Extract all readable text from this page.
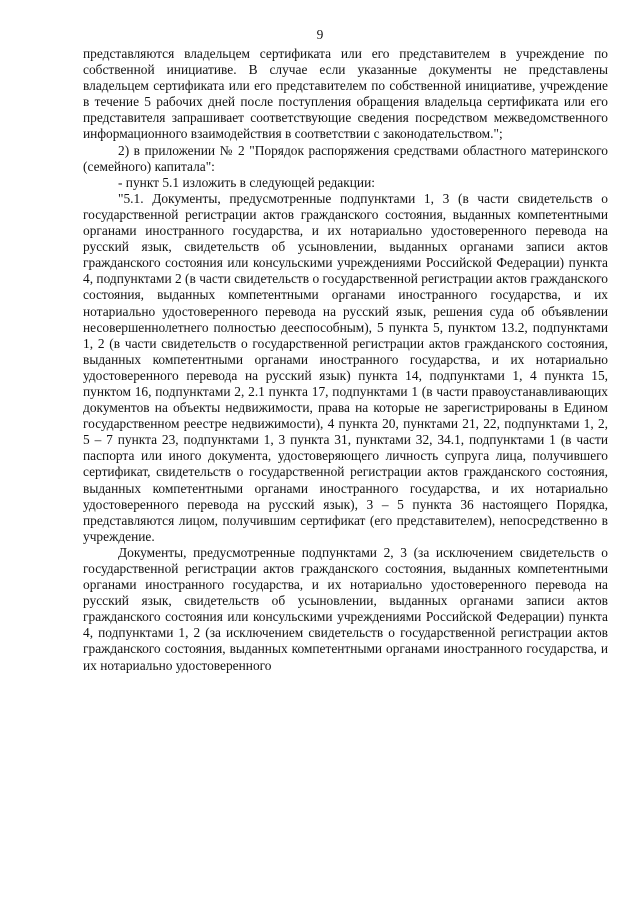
9

представляются владельцем сертификата или его представителем в учреждение по собственной инициативе. В случае если указанные документы не представлены владельцем сертификата или его представителем по собственной инициативе, учреждение в течение 5 рабочих дней после поступления обращения владельца сертификата или его представителя запрашивает соответствующие сведения посредством межведомственного информационного взаимодействия в соответствии с законодательством.";

2) в приложении № 2 "Порядок распоряжения средствами областного материнского (семейного) капитала":

- пункт 5.1 изложить в следующей редакции:

"5.1. Документы, предусмотренные подпунктами 1, 3 (в части свидетельств о государственной регистрации актов гражданского состояния, выданных компетентными органами иностранного государства, и их нотариально удостоверенного перевода на русский язык, свидетельств об усыновлении, выданных органами записи актов гражданского состояния или консульскими учреждениями Российской Федерации) пункта 4, подпунктами 2 (в части свидетельств о государственной регистрации актов гражданского состояния, выданных компетентными органами иностранного государства, и их нотариально удостоверенного перевода на русский язык, решения суда об объявлении несовершеннолетнего полностью дееспособным), 5 пункта 5, пунктом 13.2, подпунктами 1, 2 (в части свидетельств о государственной регистрации актов гражданского состояния, выданных компетентными органами иностранного государства, и их нотариально удостоверенного перевода на русский язык) пункта 14, подпунктами 1, 4 пункта 15, пунктом 16, подпунктами 2, 2.1 пункта 17, подпунктами 1 (в части правоустанавливающих документов на объекты недвижимости, права на которые не зарегистрированы в Едином государственном реестре недвижимости), 4 пункта 20, пунктами 21, 22, подпунктами 1, 2, 5 – 7 пункта 23, подпунктами 1, 3 пункта 31, пунктами 32, 34.1, подпунктами 1 (в части паспорта или иного документа, удостоверяющего личность супруга лица, получившего сертификат, свидетельств о государственной регистрации актов гражданского состояния, выданных компетентными органами иностранного государства, и их нотариально удостоверенного перевода на русский язык), 3 – 5 пункта 36 настоящего Порядка, представляются лицом, получившим сертификат (его представителем), непосредственно в учреждение.

Документы, предусмотренные подпунктами 2, 3 (за исключением свидетельств о государственной регистрации актов гражданского состояния, выданных компетентными органами иностранного государства, и их нотариально удостоверенного перевода на русский язык, свидетельств об усыновлении, выданных органами записи актов гражданского состояния или консульскими учреждениями Российской Федерации) пункта 4, подпунктами 1, 2 (за исключением свидетельств о государственной регистрации актов гражданского состояния, выданных компетентными органами иностранного государства, и их нотариально удостоверенного
